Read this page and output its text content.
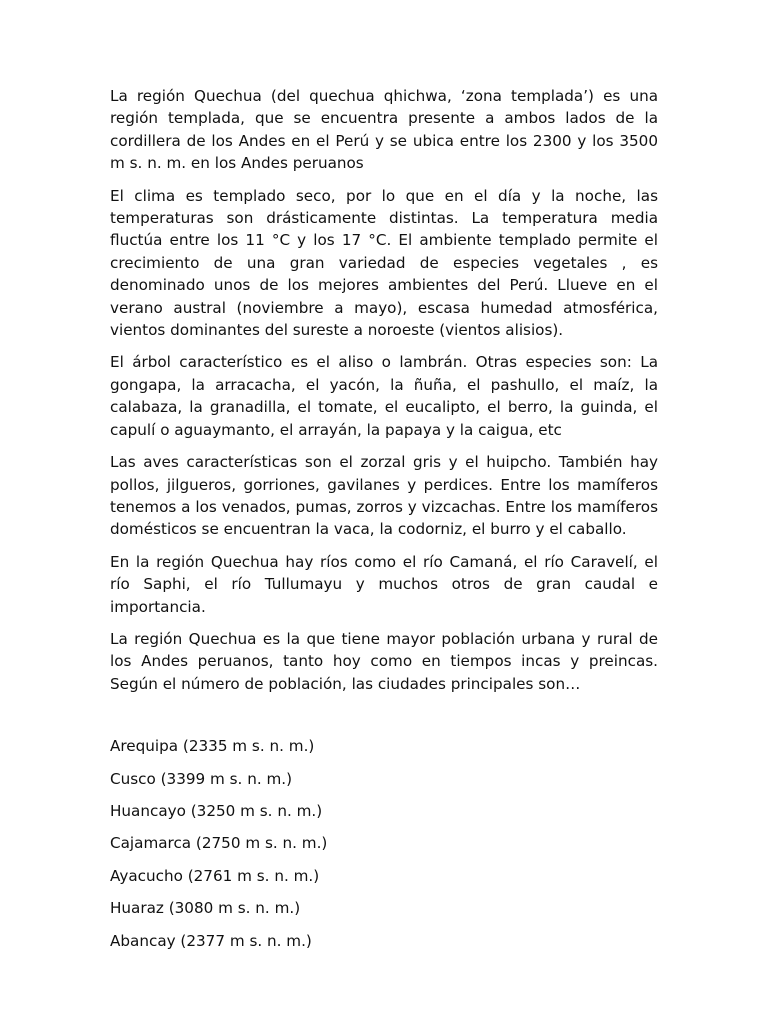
La región Quechua (del quechua qhichwa, ‘zona templada’) es una región templada, que se encuentra presente a ambos lados de la cordillera de los Andes en el Perú y se ubica entre los 2300 y los 3500 m s. n. m. en los Andes peruanos

El clima es templado seco, por lo que en el día y la noche, las temperaturas son drásticamente distintas. La temperatura media fluctúa entre los 11 °C y los 17 °C. El ambiente templado permite el crecimiento de una gran variedad de especies vegetales , es denominado unos de los mejores ambientes del Perú. Llueve en el verano austral (noviembre a mayo), escasa humedad atmosférica, vientos dominantes del sureste a noroeste (vientos alisios).

El árbol característico es el aliso o lambrán. Otras especies son: La gongapa, la arracacha, el yacón, la ñuña, el pashullo, el maíz, la calabaza, la granadilla, el tomate, el eucalipto, el berro, la guinda, el capulí o aguaymanto, el arrayán, la papaya y la caigua, etc

Las aves características son el zorzal gris y el huipcho. También hay pollos, jilgueros, gorriones, gavilanes y perdices. Entre los mamíferos tenemos a los venados, pumas, zorros y vizcachas. Entre los mamíferos domésticos se encuentran la vaca, la codorniz, el burro y el caballo.

En la región Quechua hay ríos como el río Camaná, el río Caravelí, el río Saphi, el río Tullumayu y muchos otros de gran caudal e importancia.

La región Quechua es la que tiene mayor población urbana y rural de los Andes peruanos, tanto hoy como en tiempos incas y preincas. Según el número de población, las ciudades principales son…

Arequipa (2335 m s. n. m.)
Cusco (3399 m s. n. m.)
Huancayo (3250 m s. n. m.)
Cajamarca (2750 m s. n. m.)
Ayacucho (2761 m s. n. m.)
Huaraz (3080 m s. n. m.)
Abancay (2377 m s. n. m.)
